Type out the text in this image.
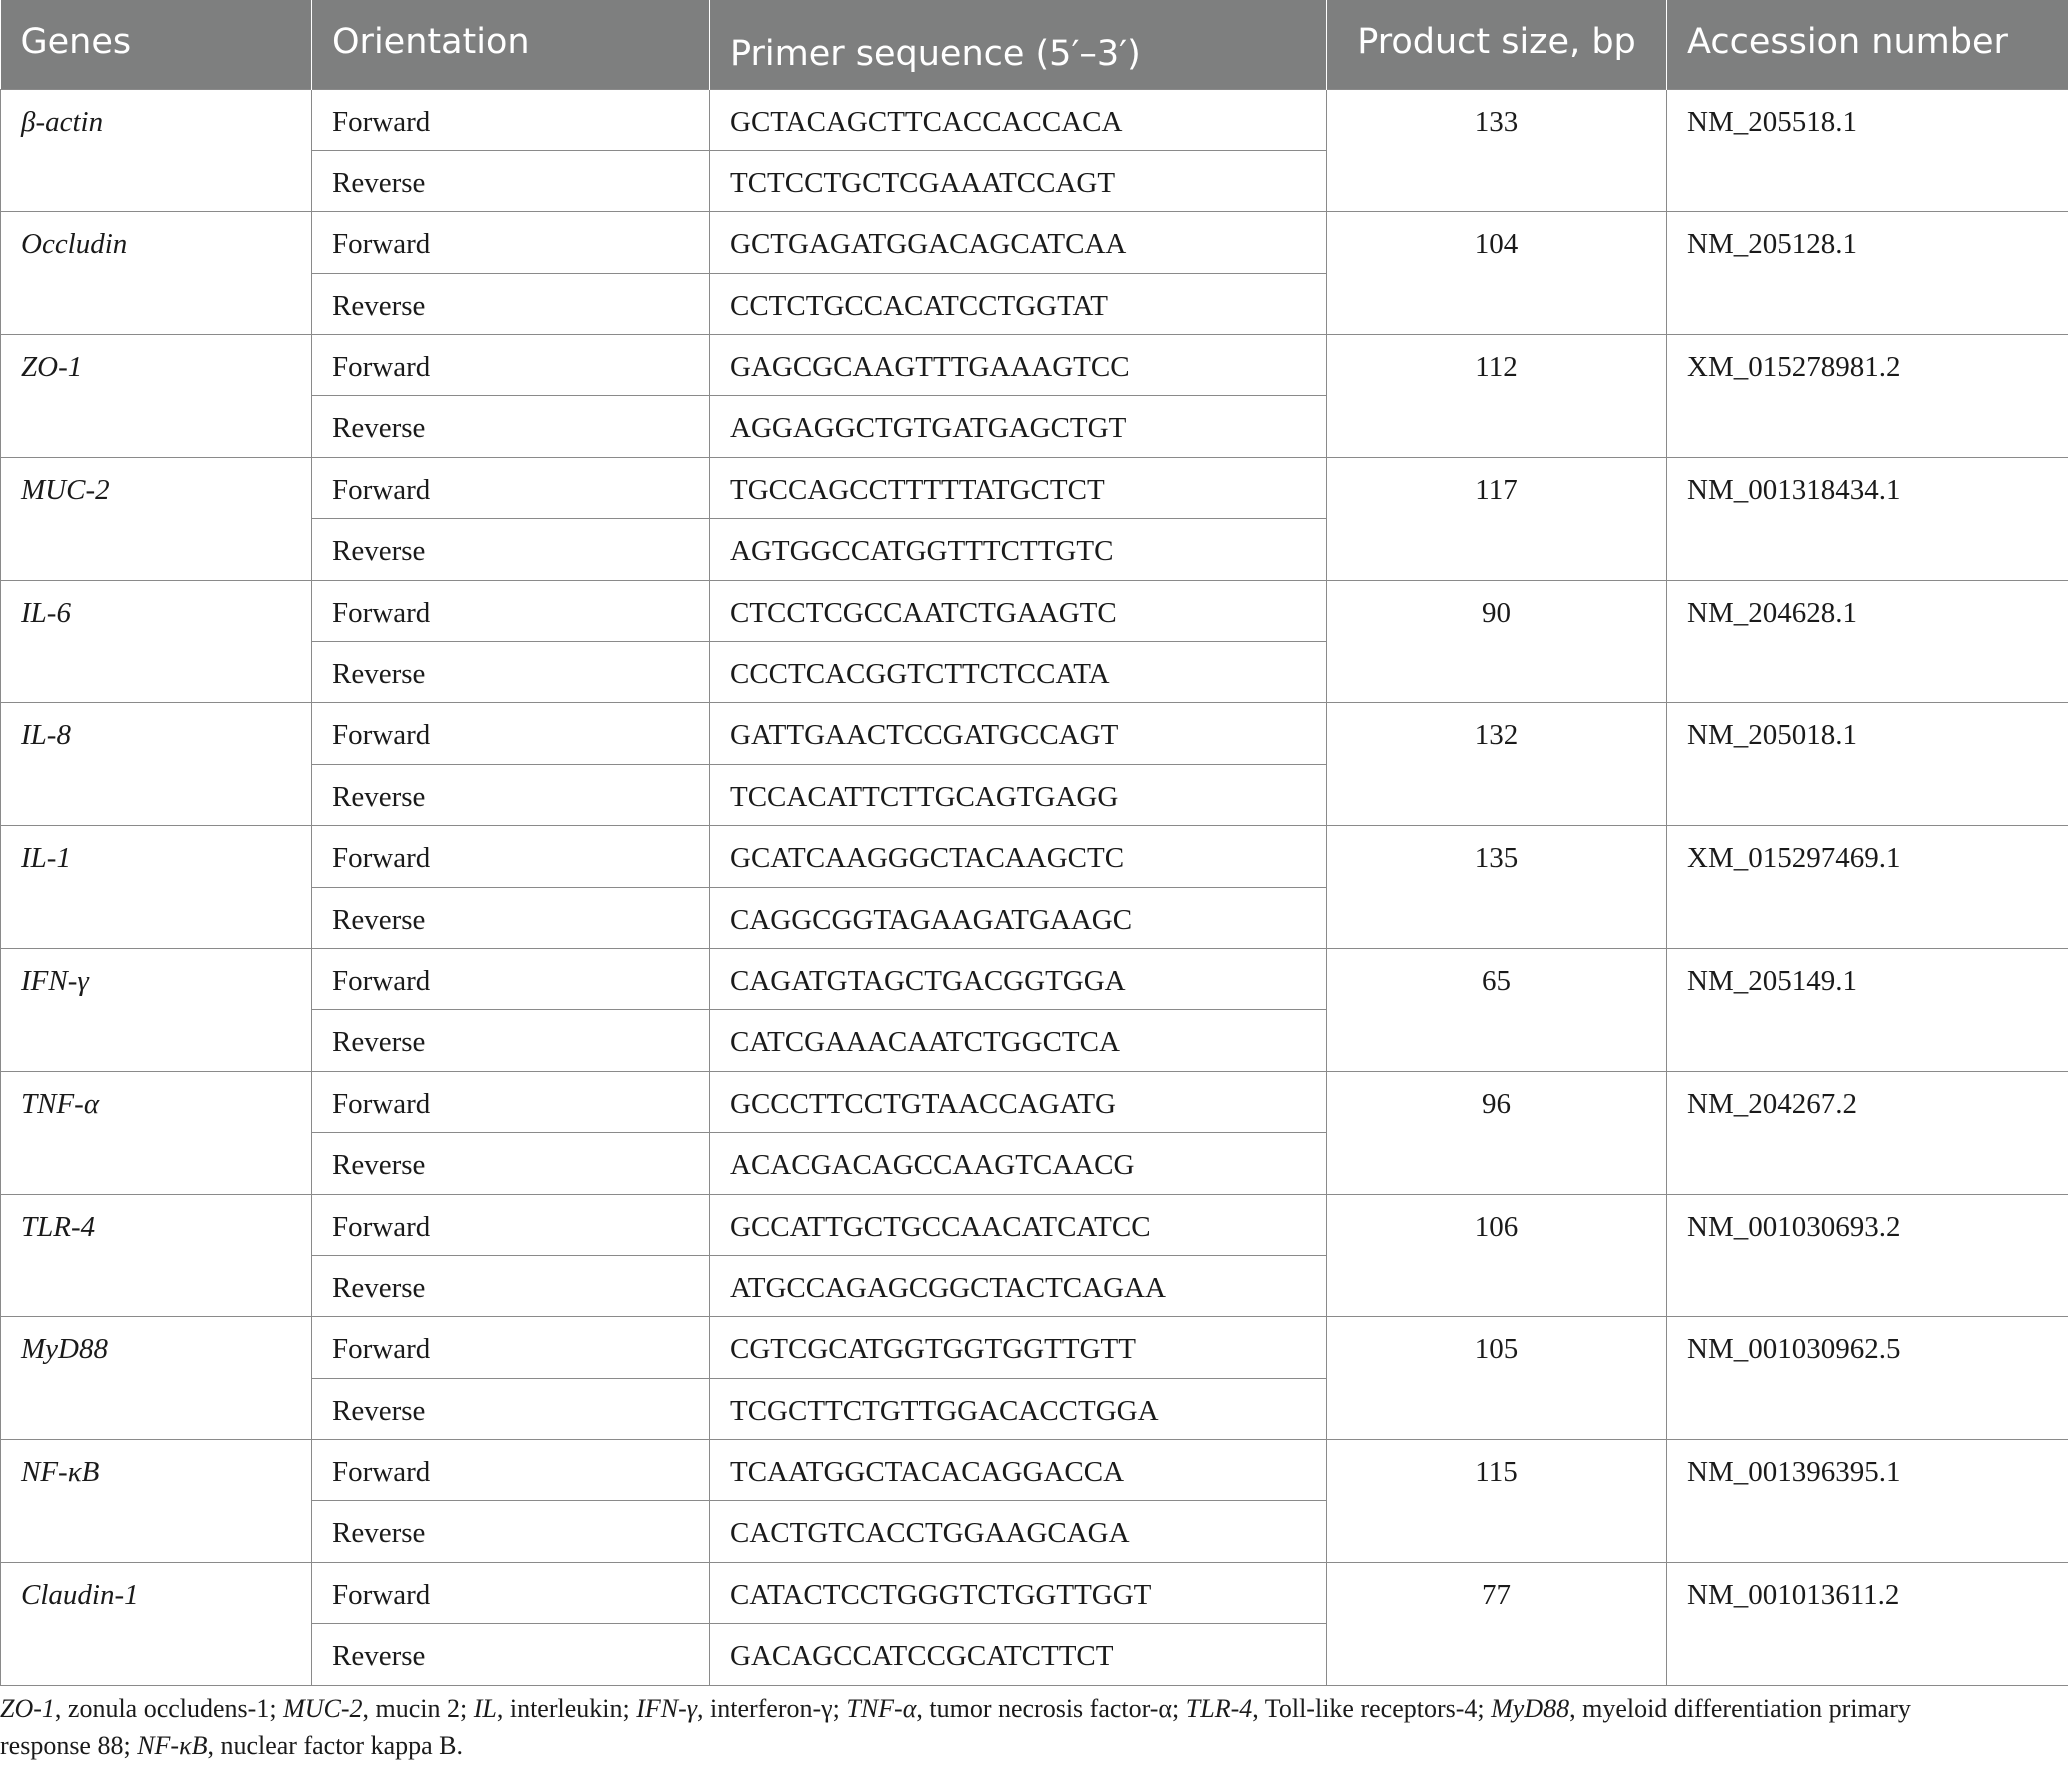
Genes	Orientation	Primer sequence (5′–3′)	Product size, bp	Accession number
β-actin	Forward	GCTACAGCTTCACCACCACA	133	NM_205518.1
	Reverse	TCTCCTGCTCGAAATCCAGT		
Occludin	Forward	GCTGAGATGGACAGCATCAA	104	NM_205128.1
	Reverse	CCTCTGCCACATCCTGGTAT		
ZO-1	Forward	GAGCGCAAGTTTGAAAGTCC	112	XM_015278981.2
	Reverse	AGGAGGCTGTGATGAGCTGT		
MUC-2	Forward	TGCCAGCCTTTTTATGCTCT	117	NM_001318434.1
	Reverse	AGTGGCCATGGTTTCTTGTC		
IL-6	Forward	CTCCTCGCCAATCTGAAGTC	90	NM_204628.1
	Reverse	CCCTCACGGTCTTCTCCATA		
IL-8	Forward	GATTGAACTCCGATGCCAGT	132	NM_205018.1
	Reverse	TCCACATTCTTGCAGTGAGG		
IL-1	Forward	GCATCAAGGGCTACAAGCTC	135	XM_015297469.1
	Reverse	CAGGCGGTAGAAGATGAAGC		
IFN-γ	Forward	CAGATGTAGCTGACGGTGGA	65	NM_205149.1
	Reverse	CATCGAAACAATCTGGCTCA		
TNF-α	Forward	GCCCTTCCTGTAACCAGATG	96	NM_204267.2
	Reverse	ACACGACAGCCAAGTCAACG		
TLR-4	Forward	GCCATTGCTGCCAACATCATCC	106	NM_001030693.2
	Reverse	ATGCCAGAGCGGCTACTCAGAA		
MyD88	Forward	CGTCGCATGGTGGTGGTTGTT	105	NM_001030962.5
	Reverse	TCGCTTCTGTTGGACACCTGGA		
NF-κB	Forward	TCAATGGCTACACAGGACCA	115	NM_001396395.1
	Reverse	CACTGTCACCTGGAAGCAGA		
Claudin-1	Forward	CATACTCCTGGGTCTGGTTGGT	77	NM_001013611.2
	Reverse	GACAGCCATCCGCATCTTCT		
ZO-1, zonula occludens-1; MUC-2, mucin 2; IL, interleukin; IFN-γ, interferon-γ; TNF-α, tumor necrosis factor-α; TLR-4, Toll-like receptors-4; MyD88, myeloid differentiation primary response 88; NF-κB, nuclear factor kappa B.
